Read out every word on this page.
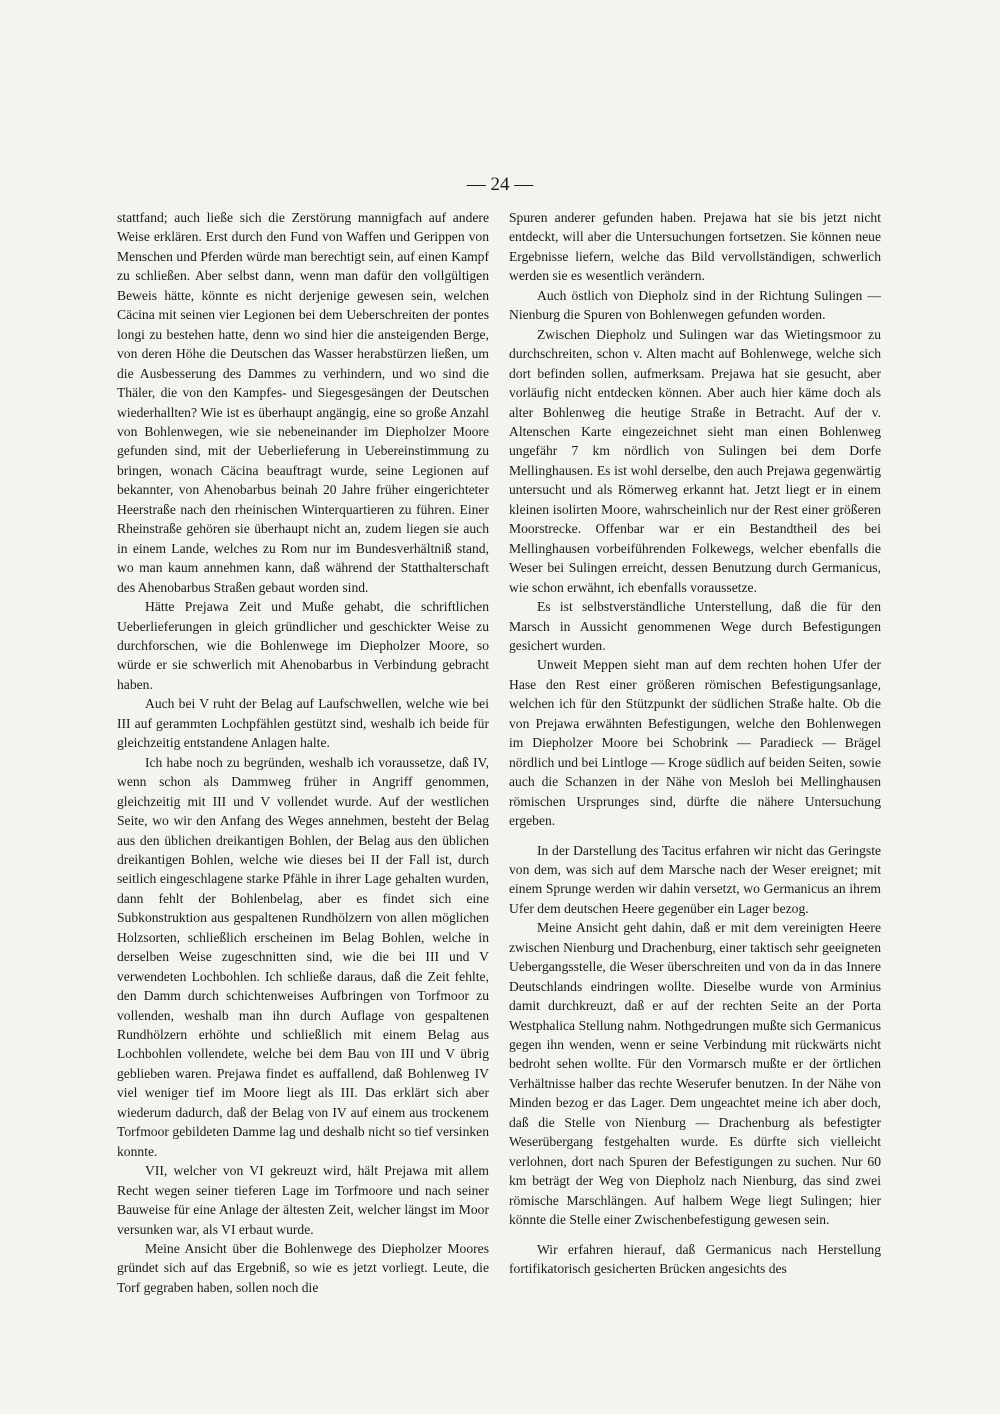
— 24 —

stattfand; auch ließe sich die Zerstörung mannigfach auf andere Weise erklären. Erst durch den Fund von Waffen und Gerippen von Menschen und Pferden würde man berechtigt sein, auf einen Kampf zu schließen. Aber selbst dann, wenn man dafür den vollgültigen Beweis hätte, könnte es nicht derjenige gewesen sein, welchen Cäcina mit seinen vier Legionen bei dem Ueberschreiten der pontes longi zu bestehen hatte, denn wo sind hier die ansteigenden Berge, von deren Höhe die Deutschen das Wasser herabstürzen ließen, um die Ausbesserung des Dammes zu verhindern, und wo sind die Thäler, die von den Kampfes- und Siegesgesängen der Deutschen wiederhallten? Wie ist es überhaupt angängig, eine so große Anzahl von Bohlenwegen, wie sie nebeneinander im Diepholzer Moore gefunden sind, mit der Ueberlieferung in Uebereinstimmung zu bringen, wonach Cäcina beauftragt wurde, seine Legionen auf bekannter, von Ahenobarbus beinah 20 Jahre früher eingerichteter Heerstraße nach den rheinischen Winterquartieren zu führen. Einer Rheinstraße gehören sie überhaupt nicht an, zudem liegen sie auch in einem Lande, welches zu Rom nur im Bundesverhältniß stand, wo man kaum annehmen kann, daß während der Statthalterschaft des Ahenobarbus Straßen gebaut worden sind.

Hätte Prejawa Zeit und Muße gehabt, die schriftlichen Ueberlieferungen in gleich gründlicher und geschickter Weise zu durchforschen, wie die Bohlenwege im Diepholzer Moore, so würde er sie schwerlich mit Ahenobarbus in Verbindung gebracht haben.

Auch bei V ruht der Belag auf Laufschwellen, welche wie bei III auf gerammten Lochpfählen gestützt sind, weshalb ich beide für gleichzeitig entstandene Anlagen halte.

Ich habe noch zu begründen, weshalb ich voraussetze, daß IV, wenn schon als Dammweg früher in Angriff genommen, gleichzeitig mit III und V vollendet wurde. Auf der westlichen Seite, wo wir den Anfang des Weges annehmen, besteht der Belag aus den üblichen dreikantigen Bohlen, der Belag aus den üblichen dreikantigen Bohlen, welche wie dieses bei II der Fall ist, durch seitlich eingeschlagene starke Pfähle in ihrer Lage gehalten wurden, dann fehlt der Bohlenbelag, aber es findet sich eine Subkonstruktion aus gespaltenen Rundhölzern von allen möglichen Holzsorten, schließlich erscheinen im Belag Bohlen, welche in derselben Weise zugeschnitten sind, wie die bei III und V verwendeten Lochbohlen. Ich schließe daraus, daß die Zeit fehlte, den Damm durch schichtenweises Aufbringen von Torfmoor zu vollenden, weshalb man ihn durch Auflage von gespaltenen Rundhölzern erhöhte und schließlich mit einem Belag aus Lochbohlen vollendete, welche bei dem Bau von III und V übrig geblieben waren. Prejawa findet es auffallend, daß Bohlenweg IV viel weniger tief im Moore liegt als III. Das erklärt sich aber wiederum dadurch, daß der Belag von IV auf einem aus trockenem Torfmoor gebildeten Damme lag und deshalb nicht so tief versinken konnte.

VII, welcher von VI gekreuzt wird, hält Prejawa mit allem Recht wegen seiner tieferen Lage im Torfmoore und nach seiner Bauweise für eine Anlage der ältesten Zeit, welcher längst im Moor versunken war, als VI erbaut wurde.

Meine Ansicht über die Bohlenwege des Diepholzer Moores gründet sich auf das Ergebniß, so wie es jetzt vorliegt. Leute, die Torf gegraben haben, sollen noch die

Spuren anderer gefunden haben. Prejawa hat sie bis jetzt nicht entdeckt, will aber die Untersuchungen fortsetzen. Sie können neue Ergebnisse liefern, welche das Bild vervollständigen, schwerlich werden sie es wesentlich verändern.

Auch östlich von Diepholz sind in der Richtung Sulingen — Nienburg die Spuren von Bohlenwegen gefunden worden.

Zwischen Diepholz und Sulingen war das Wietingsmoor zu durchschreiten, schon v. Alten macht auf Bohlenwege, welche sich dort befinden sollen, aufmerksam. Prejawa hat sie gesucht, aber vorläufig nicht entdecken können. Aber auch hier käme doch als alter Bohlenweg die heutige Straße in Betracht. Auf der v. Altenschen Karte eingezeichnet sieht man einen Bohlenweg ungefähr 7 km nördlich von Sulingen bei dem Dorfe Mellinghausen. Es ist wohl derselbe, den auch Prejawa gegenwärtig untersucht und als Römerweg erkannt hat. Jetzt liegt er in einem kleinen isolirten Moore, wahrscheinlich nur der Rest einer größeren Moorstrecke. Offenbar war er ein Bestandtheil des bei Mellinghausen vorbeiführenden Folkewegs, welcher ebenfalls die Weser bei Sulingen erreicht, dessen Benutzung durch Germanicus, wie schon erwähnt, ich ebenfalls voraussetze.

Es ist selbstverständliche Unterstellung, daß die für den Marsch in Aussicht genommenen Wege durch Befestigungen gesichert wurden.

Unweit Meppen sieht man auf dem rechten hohen Ufer der Hase den Rest einer größeren römischen Befestigungsanlage, welchen ich für den Stützpunkt der südlichen Straße halte. Ob die von Prejawa erwähnten Befestigungen, welche den Bohlenwegen im Diepholzer Moore bei Schobrink — Paradieck — Brägel nördlich und bei Lintloge — Kroge südlich auf beiden Seiten, sowie auch die Schanzen in der Nähe von Mesloh bei Mellinghausen römischen Ursprunges sind, dürfte die nähere Untersuchung ergeben.

In der Darstellung des Tacitus erfahren wir nicht das Geringste von dem, was sich auf dem Marsche nach der Weser ereignet; mit einem Sprunge werden wir dahin versetzt, wo Germanicus an ihrem Ufer dem deutschen Heere gegenüber ein Lager bezog.

Meine Ansicht geht dahin, daß er mit dem vereinigten Heere zwischen Nienburg und Drachenburg, einer taktisch sehr geeigneten Uebergangsstelle, die Weser überschreiten und von da in das Innere Deutschlands eindringen wollte. Dieselbe wurde von Arminius damit durchkreuzt, daß er auf der rechten Seite an der Porta Westphalica Stellung nahm. Nothgedrungen mußte sich Germanicus gegen ihn wenden, wenn er seine Verbindung mit rückwärts nicht bedroht sehen wollte. Für den Vormarsch mußte er der örtlichen Verhältnisse halber das rechte Weserufer benutzen. In der Nähe von Minden bezog er das Lager. Dem ungeachtet meine ich aber doch, daß die Stelle von Nienburg — Drachenburg als befestigter Weserübergang festgehalten wurde. Es dürfte sich vielleicht verlohnen, dort nach Spuren der Befestigungen zu suchen. Nur 60 km beträgt der Weg von Diepholz nach Nienburg, das sind zwei römische Marschlängen. Auf halbem Wege liegt Sulingen; hier könnte die Stelle einer Zwischenbefestigung gewesen sein.

Wir erfahren hierauf, daß Germanicus nach Herstellung fortifikatorisch gesicherten Brücken angesichts des
